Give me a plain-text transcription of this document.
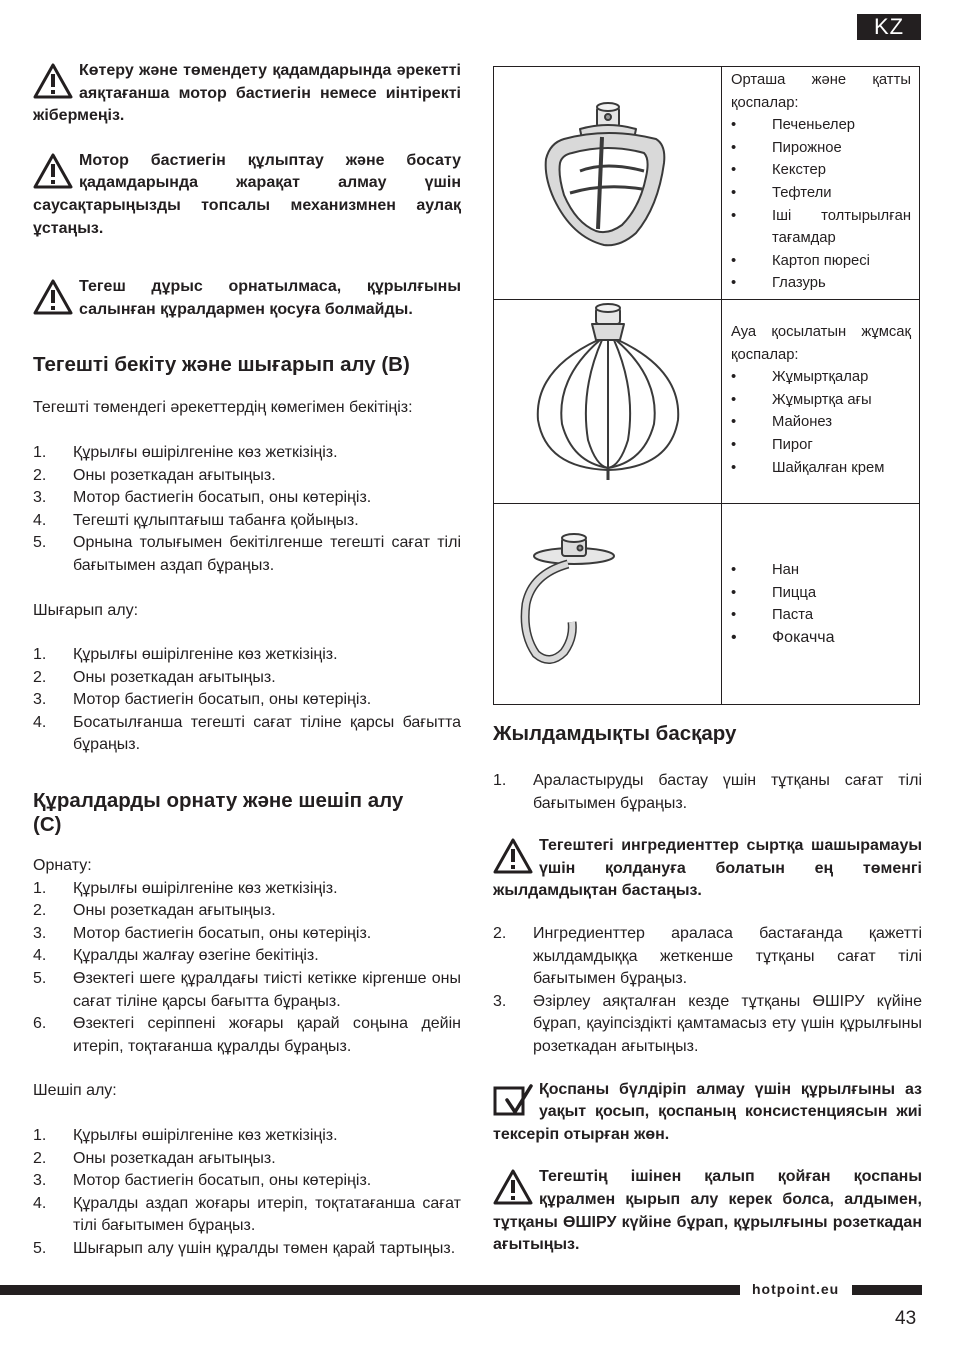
KZ

Көтеру және төмендету қадамдарында әрекетті аяқтағанша мотор бастиегін немесе иінтіректі жібермеңіз.

Мотор бастиегін құлыптау және босату қадамдарында жарақат алмау үшін саусақтарыңызды топсалы механизмнен аулақ ұстаңыз.

Тегеш дұрыс орнатылмаса, құрылғыны салынған құралдармен қосуға болмайды.

Тегешті бекіту және шығарып алу (B)

Тегешті төмендегі әрекеттердің көмегімен бекітіңіз:

1. Құрылғы өшірілгеніне көз жеткізіңіз.
2. Оны розеткадан ағытыңыз.
3. Мотор бастиегін босатып, оны көтеріңіз.
4. Тегешті құлыптағыш табанға қойыңыз.
5. Орнына толығымен бекітілгенше тегешті сағат тілі бағытымен аздап бұраңыз.

Шығарып алу:

1. Құрылғы өшірілгеніне көз жеткізіңіз.
2. Оны розеткадан ағытыңыз.
3. Мотор бастиегін босатып, оны көтеріңіз.
4. Босатылғанша тегешті сағат тіліне қарсы бағытта бұраңыз.
Құралдарды орнату және шешіп алу (C)

Орнату:

1. Құрылғы өшірілгеніне көз жеткізіңіз.
2. Оны розеткадан ағытыңыз.
3. Мотор бастиегін босатып, оны көтеріңіз.
4. Құралды жалғау өзегіне бекітіңіз.
5. Өзектегі шеге құралдағы тиісті кетікке кіргенше оны сағат тіліне қарсы бағытта бұраңыз.
6. Өзектегі серіппені жоғары қарай соңына дейін итеріп, тоқтағанша құралды бұраңыз.

Шешіп алу:

1. Құрылғы өшірілгеніне көз жеткізіңіз.
2. Оны розеткадан ағытыңыз.
3. Мотор бастиегін босатып, оны көтеріңіз.
4. Құралды аздап жоғары итеріп, тоқтатағанша сағат тілі бағытымен бұраңыз.
5. Шығарып алу үшін құралды төмен қарай тартыңыз.
Орташа және қатты қоспалар:
• Печеньелер
• Пирожное
• Кекстер
• Тефтели
• Іші толтырылған тағамдар
• Картоп пюресі
• Глазурь
Ауа қосылатын жұмсақ қоспалар:
• Жұмыртқалар
• Жұмыртқа ағы
• Майонез
• Пирог
• Шайқалған крем
• Нан
• Пицца
• Паста
• Фокачча
Жылдамдықты басқару
1. Араластыруды бастау үшін тұтқаны сағат тілі бағытымен бұраңыз.

Тегештегі ингредиенттер сыртқа шашырамауы үшін қолдануға болатын ең төменгі жылдамдықтан бастаңыз.

2. Ингредиенттер араласа бастағанда қажетті жылдамдыққа жеткенше тұтқаны сағат тілі бағытымен бұраңыз.
3. Әзірлеу аяқталған кезде тұтқаны ӨШІРУ күйіне бұрап, қауіпсіздікті қамтамасыз ету үшін құрылғыны розеткадан ағытыңыз.

Қоспаны бүлдіріп алмау үшін құрылғыны аз уақыт қосып, қоспаның консистенциясын жиі тексеріп отырған жөн.

Тегештің ішінен қалып қойған қоспаны құралмен қырып алу керек болса, алдымен, тұтқаны ӨШІРУ күйіне бұрап, құрылғыны розеткадан ағытыңыз.

hotpoint.eu
43
